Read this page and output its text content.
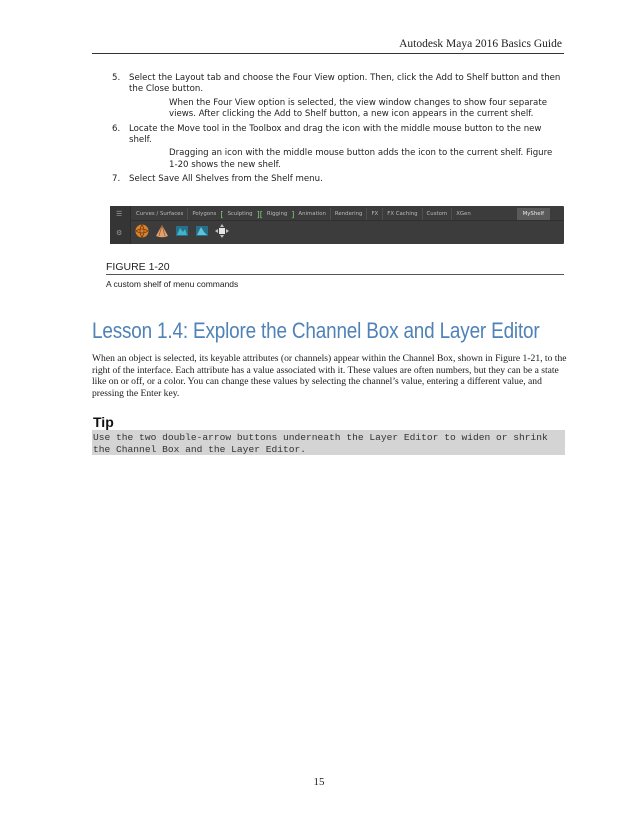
Autodesk Maya 2016 Basics Guide

5. Select the Layout tab and choose the Four View option. Then, click the Add to Shelf button and then the Close button.

When the Four View option is selected, the view window changes to show four separate views. After clicking the Add to Shelf button, a new icon appears in the current shelf.

6. Locate the Move tool in the Toolbox and drag the icon with the middle mouse button to the new shelf.

Dragging an icon with the middle mouse button adds the icon to the current shelf. Figure 1-20 shows the new shelf.

7. Select Save All Shelves from the Shelf menu.

☰
⚙
Curves / Surfaces	Polygons [ Sculpting ][ Rigging ] Animation	Rendering	FX	FX Caching	Custom	XGen	MyShelf
FIGURE 1-20
A custom shelf of menu commands
Lesson 1.4: Explore the Channel Box and Layer Editor
When an object is selected, its keyable attributes (or channels) appear within the Channel Box, shown in Figure 1-21, to the right of the interface. Each attribute has a value associated with it. These values are often numbers, but they can be a state like on or off, or a color. You can change these values by selecting the channel’s value, entering a different value, and pressing the Enter key.
Tip
Use the two double-arrow buttons underneath the Layer Editor to widen or shrink the Channel Box and the Layer Editor.
15
